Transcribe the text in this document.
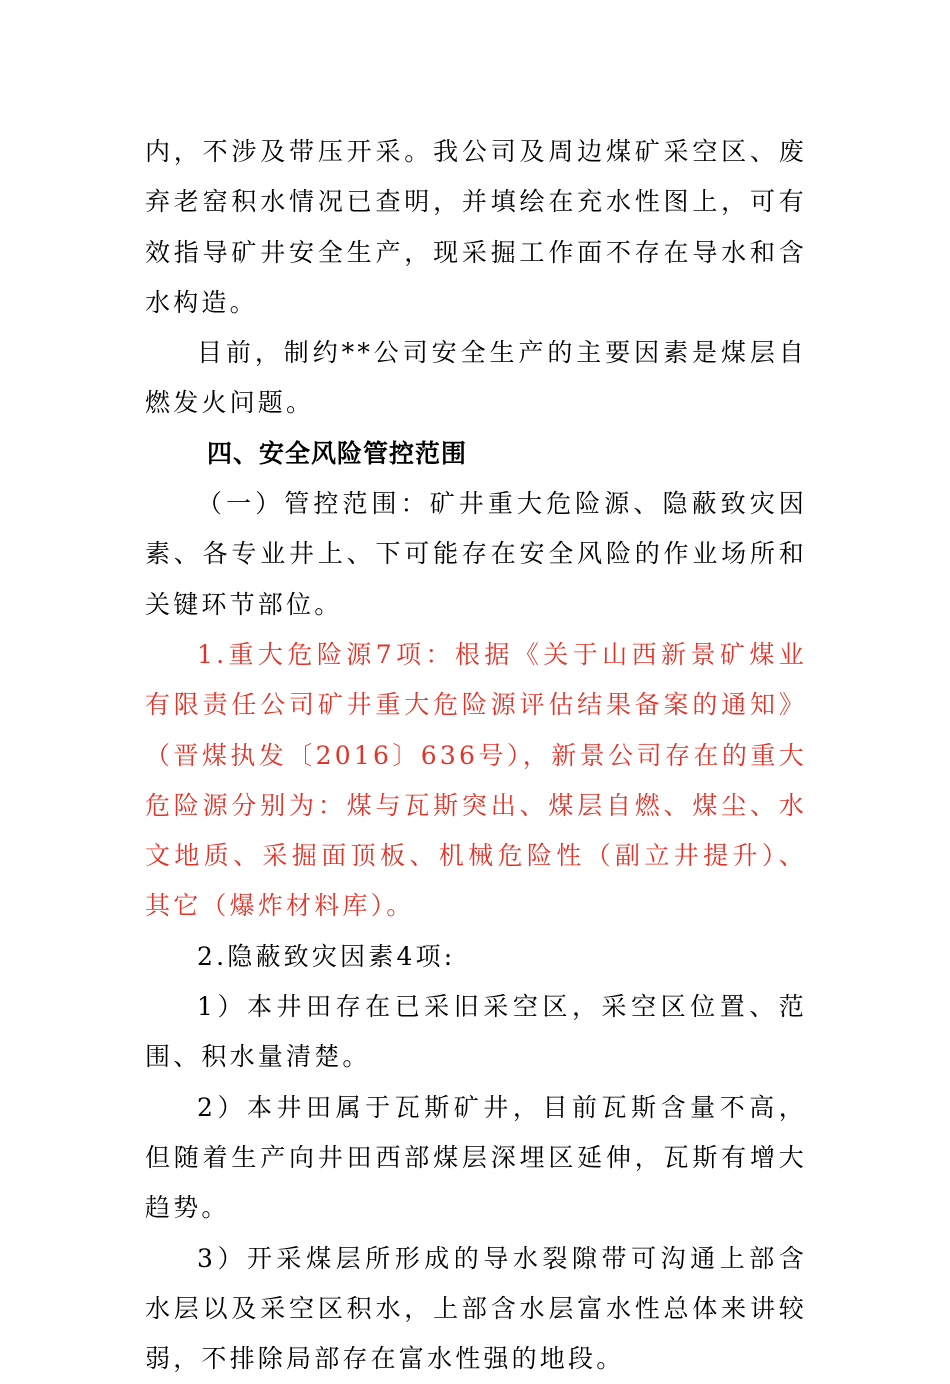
内，不涉及带压开采。我公司及周边煤矿采空区、废弃老窑积水情况已查明，并填绘在充水性图上，可有效指导矿井安全生产，现采掘工作面不存在导水和含水构造。

目前，制约**公司安全生产的主要因素是煤层自燃发火问题。

四、安全风险管控范围

（一）管控范围：矿井重大危险源、隐蔽致灾因素、各专业井上、下可能存在安全风险的作业场所和关键环节部位。

1.重大危险源7项：根据《关于山西新景矿煤业有限责任公司矿井重大危险源评估结果备案的通知》（晋煤执发〔2016〕636号），新景公司存在的重大危险源分别为：煤与瓦斯突出、煤层自燃、煤尘、水文地质、采掘面顶板、机械危险性（副立井提升）、其它（爆炸材料库）。

2.隐蔽致灾因素4项:

1）本井田存在已采旧采空区，采空区位置、范围、积水量清楚。

2）本井田属于瓦斯矿井，目前瓦斯含量不高，但随着生产向井田西部煤层深埋区延伸，瓦斯有增大趋势。

3）开采煤层所形成的导水裂隙带可沟通上部含水层以及采空区积水，上部含水层富水性总体来讲较弱，不排除局部存在富水性强的地段。
